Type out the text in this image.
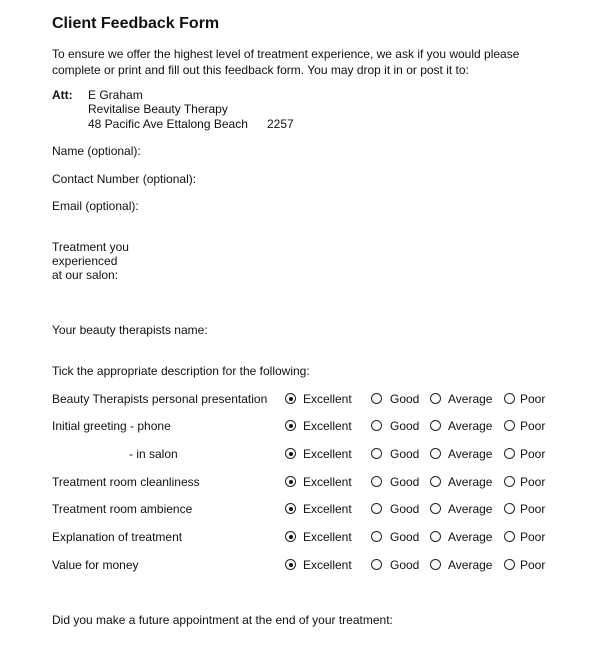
Client Feedback Form
To ensure we offer the highest level of treatment experience, we ask if you would please complete or print and fill out this feedback form. You may drop it in or post it to:
Att: E Graham
Revitalise Beauty Therapy
48 Pacific Ave Ettalong Beach 2257
Name (optional):
Contact Number (optional):
Email (optional):
Treatment you
experienced
at our salon:
Your beauty therapists name:
Tick the appropriate description for the following:
Beauty Therapists personal presentation	Excellent	Good Average Poor
Initial greeting - phone	Excellent	Good Average Poor
- in salon	Excellent	Good Average Poor
Treatment room cleanliness	Excellent	Good Average Poor
Treatment room ambience	Excellent	Good Average Poor
Explanation of treatment	Excellent	Good Average Poor
Value for money	Excellent	Good Average Poor
Did you make a future appointment at the end of your treatment:
